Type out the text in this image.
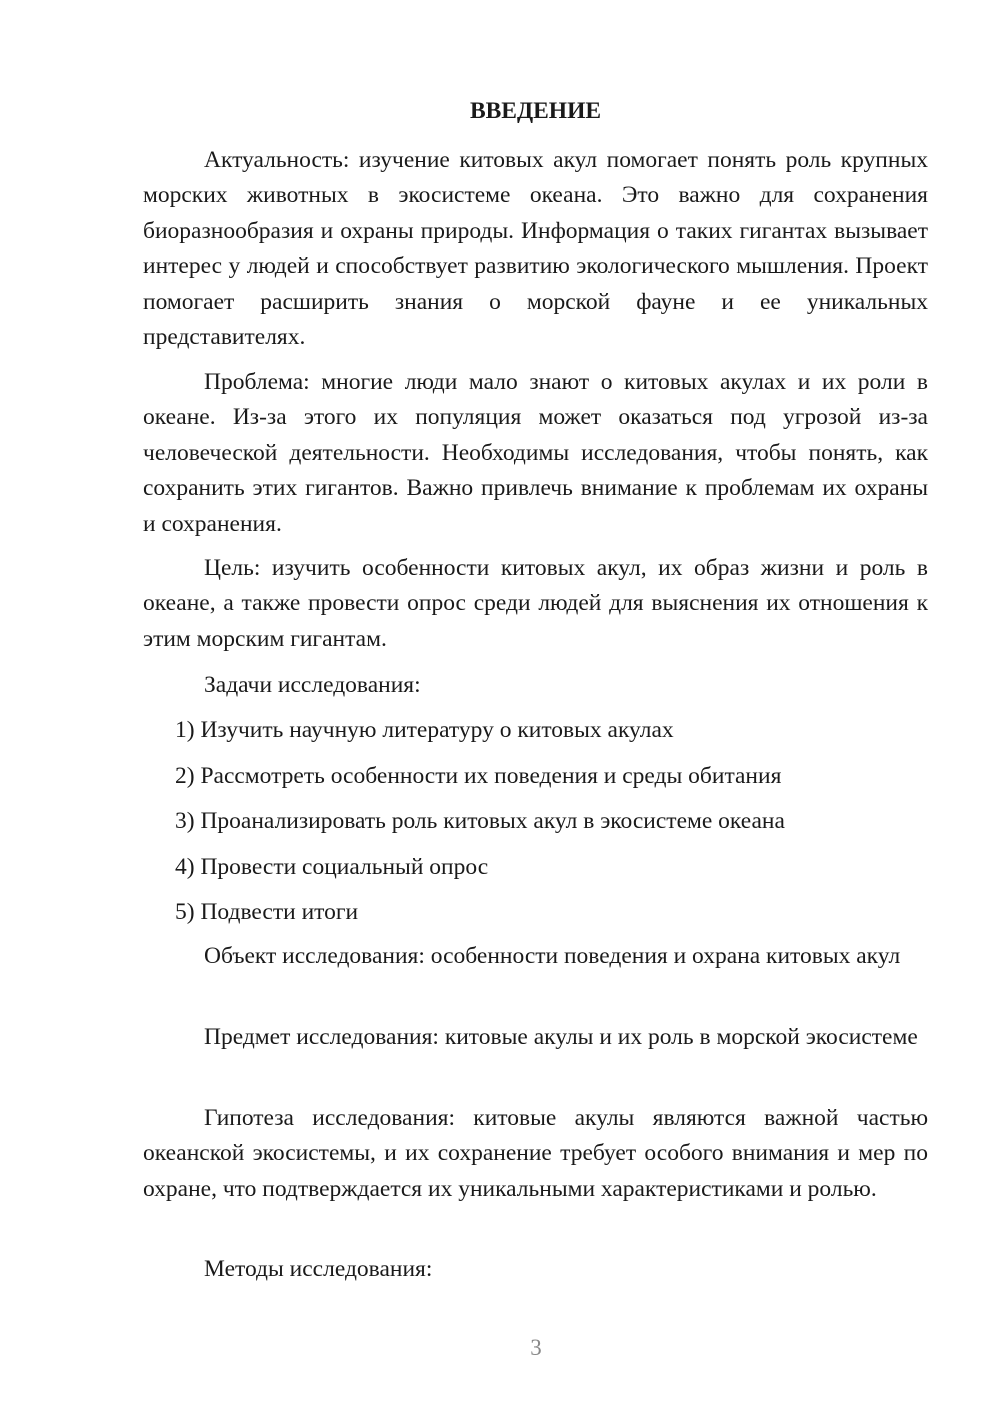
ВВЕДЕНИЕ

Актуальность: изучение китовых акул помогает понять роль крупных морских животных в экосистеме океана. Это важно для сохранения биоразнообразия и охраны природы. Информация о таких гигантах вызывает интерес у людей и способствует развитию экологического мышления. Проект помогает расширить знания о морской фауне и ее уникальных представителях.

Проблема: многие люди мало знают о китовых акулах и их роли в океане. Из-за этого их популяция может оказаться под угрозой из-за человеческой деятельности. Необходимы исследования, чтобы понять, как сохранить этих гигантов. Важно привлечь внимание к проблемам их охраны и сохранения.

Цель: изучить особенности китовых акул, их образ жизни и роль в океане, а также провести опрос среди людей для выяснения их отношения к этим морским гигантам.

Задачи исследования:

1) Изучить научную литературу о китовых акулах

2) Рассмотреть особенности их поведения и среды обитания

3) Проанализировать роль китовых акул в экосистеме океана

4) Провести социальный опрос

5) Подвести итоги

Объект исследования: особенности поведения и охрана китовых акул

Предмет исследования: китовые акулы и их роль в морской экосистеме

Гипотеза исследования: китовые акулы являются важной частью океанской экосистемы, и их сохранение требует особого внимания и мер по охране, что подтверждается их уникальными характеристиками и ролью.

Методы исследования:

3
